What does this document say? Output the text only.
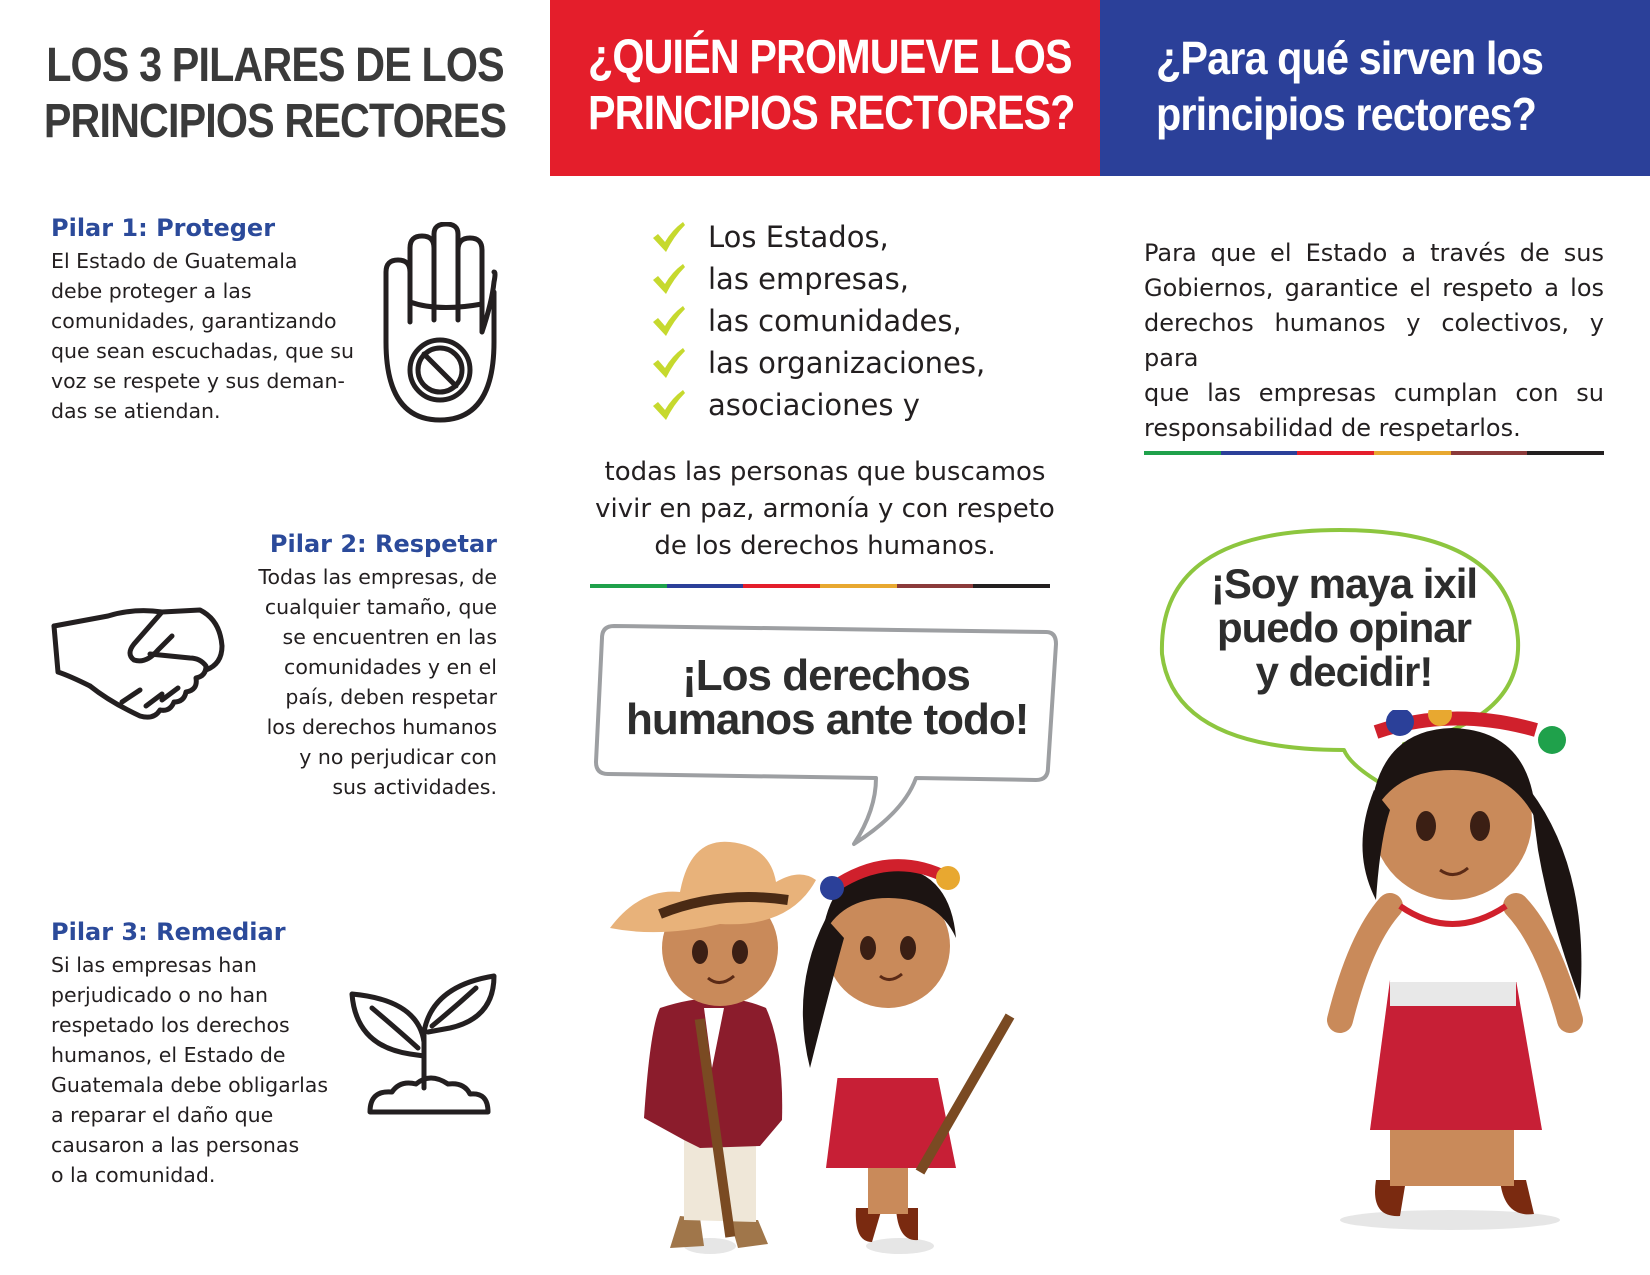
LOS 3 PILARES DE LOS
PRINCIPIOS RECTORES
Pilar 1: Proteger
El Estado de Guatemala
debe proteger a las
comunidades, garantizando
que sean escuchadas, que su
voz se respete y sus deman-
das se atiendan.
Pilar 2: Respetar
Todas las empresas, de
cualquier tamaño, que
se encuentren en las
comunidades y en el
país, deben respetar
los derechos humanos
y no perjudicar con
sus actividades.
Pilar 3: Remediar
Si las empresas han
perjudicado o no han
respetado los derechos
humanos, el Estado de
Guatemala debe obligarlas
a reparar el daño que
causaron a las personas
o la comunidad.
¿QUIÉN PROMUEVE LOS
PRINCIPIOS RECTORES?
Los Estados,
las empresas,
las comunidades,
las organizaciones,
asociaciones y
todas las personas que buscamos
vivir en paz, armonía y con respeto
de los derechos humanos.
¡Los derechos
humanos ante todo!
¿Para qué sirven los
principios rectores?
Para que el Estado a través de sus
Gobiernos, garantice el respeto a los
derechos humanos y colectivos, y para
que las empresas cumplan con su
responsabilidad de respetarlos.
¡Soy maya ixil
puedo opinar
y decidir!
